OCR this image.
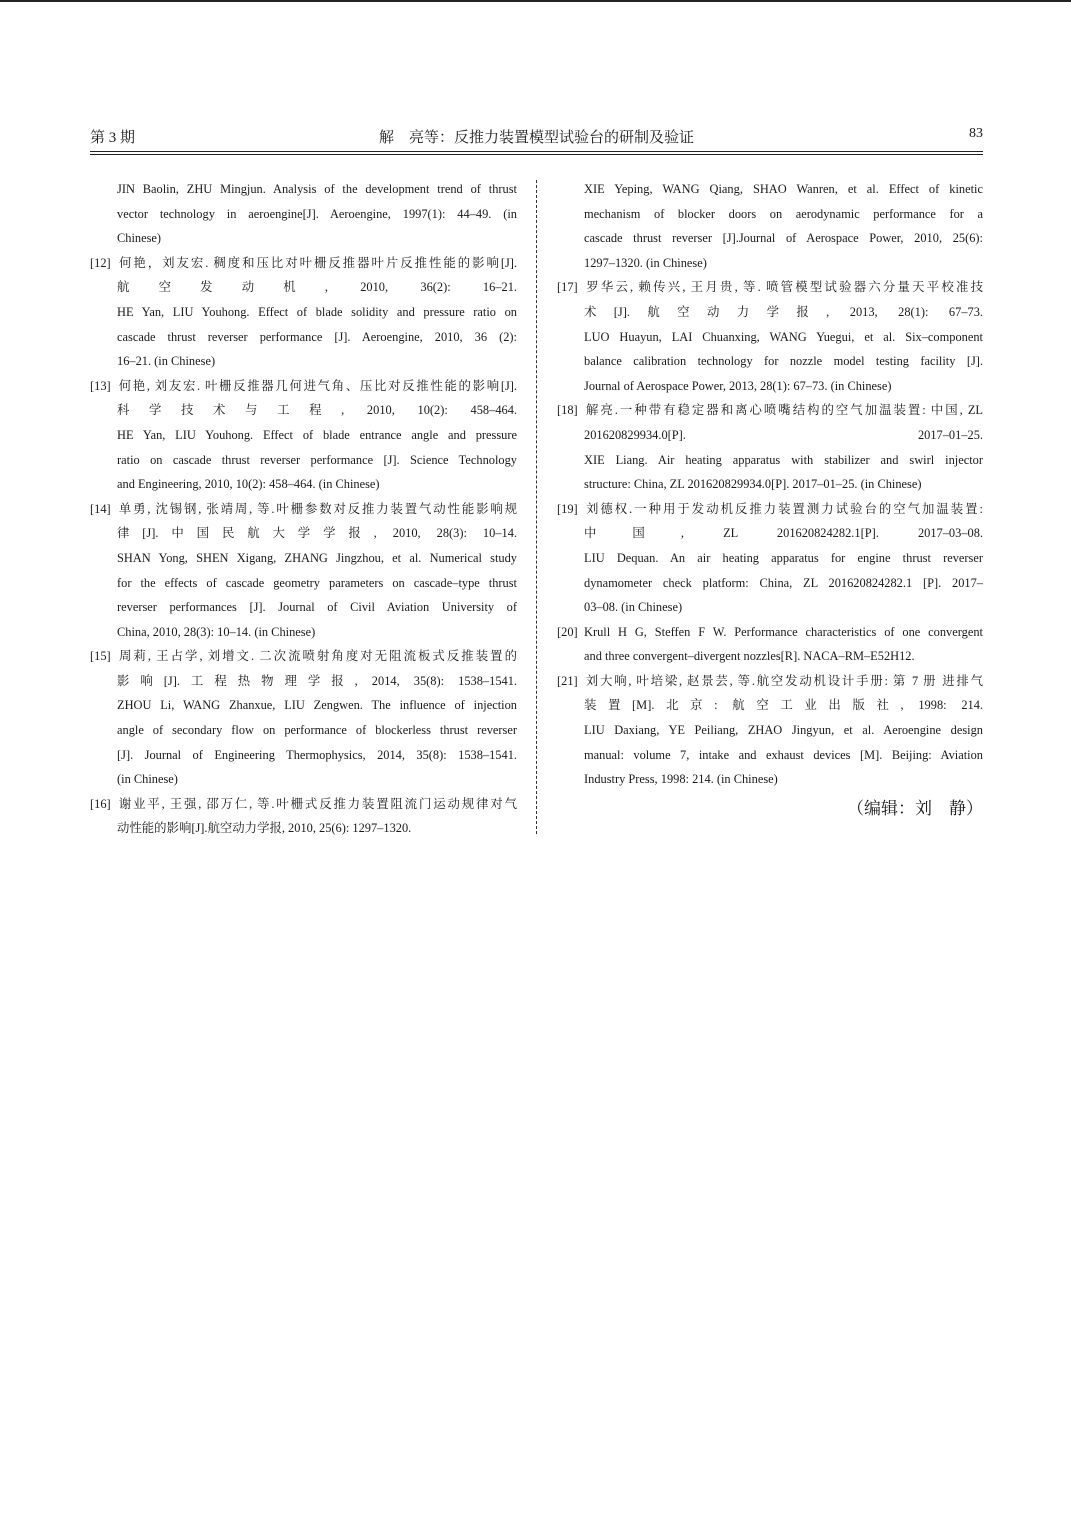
第 3 期	解　亮等：反推力装置模型试验台的研制及验证	83
JIN Baolin, ZHU Mingjun. Analysis of the development trend of thrust
vector technology in aeroengine[J]. Aeroengine, 1997(1): 44–49. (in
Chinese)
[12] 何艳，刘友宏. 稠度和压比对叶栅反推器叶片反推性能的影响[J].
航空发动机, 2010, 36(2): 16–21.
HE Yan, LIU Youhong. Effect of blade solidity and pressure ratio on
cascade thrust reverser performance [J]. Aeroengine, 2010, 36 (2):
16–21. (in Chinese)
[13] 何艳, 刘友宏. 叶栅反推器几何进气角、压比对反推性能的影响[J].
科学技术与工程, 2010, 10(2): 458–464.
HE Yan, LIU Youhong. Effect of blade entrance angle and pressure
ratio on cascade thrust reverser performance [J]. Science Technology
and Engineering, 2010, 10(2): 458–464. (in Chinese)
[14] 单勇, 沈锡钢, 张靖周, 等.叶栅参数对反推力装置气动性能影响规
律[J].中国民航大学学报, 2010, 28(3): 10–14.
SHAN Yong, SHEN Xigang, ZHANG Jingzhou, et al. Numerical study
for the effects of cascade geometry parameters on cascade–type thrust
reverser performances [J]. Journal of Civil Aviation University of
China, 2010, 28(3): 10–14. (in Chinese)
[15] 周莉, 王占学, 刘增文. 二次流喷射角度对无阻流板式反推装置的
影响[J].工程热物理学报, 2014, 35(8): 1538–1541.
ZHOU Li, WANG Zhanxue, LIU Zengwen. The influence of injection
angle of secondary flow on performance of blockerless thrust reverser
[J]. Journal of Engineering Thermophysics, 2014, 35(8): 1538–1541.
(in Chinese)
[16] 谢业平, 王强, 邵万仁, 等.叶栅式反推力装置阻流门运动规律对气
动性能的影响[J].航空动力学报, 2010, 25(6): 1297–1320.
XIE Yeping, WANG Qiang, SHAO Wanren, et al. Effect of kinetic
mechanism of blocker doors on aerodynamic performance for a
cascade thrust reverser [J].Journal of Aerospace Power, 2010, 25(6):
1297–1320. (in Chinese)
[17] 罗华云, 赖传兴, 王月贵, 等. 喷管模型试验器六分量天平校准技
术[J].航空动力学报, 2013, 28(1): 67–73.
LUO Huayun, LAI Chuanxing, WANG Yuegui, et al. Six–component
balance calibration technology for nozzle model testing facility [J].
Journal of Aerospace Power, 2013, 28(1): 67–73. (in Chinese)
[18] 解亮.一种带有稳定器和离心喷嘴结构的空气加温装置: 中国, ZL
201620829934.0[P]. 2017–01–25.
XIE Liang. Air heating apparatus with stabilizer and swirl injector
structure: China, ZL 201620829934.0[P]. 2017–01–25. (in Chinese)
[19] 刘德权.一种用于发动机反推力装置测力试验台的空气加温装置:
中国, ZL 201620824282.1[P]. 2017–03–08.
LIU Dequan. An air heating apparatus for engine thrust reverser
dynamometer check platform: China, ZL 201620824282.1 [P]. 2017–
03–08. (in Chinese)
[20] Krull H G, Steffen F W. Performance characteristics of one convergent
and three convergent–divergent nozzles[R]. NACA–RM–E52H12.
[21] 刘大响, 叶培梁, 赵景芸, 等.航空发动机设计手册: 第 7 册 进排气
装置[M].北京: 航空工业出版社, 1998: 214.
LIU Daxiang, YE Peiliang, ZHAO Jingyun, et al. Aeroengine design
manual: volume 7, intake and exhaust devices [M]. Beijing: Aviation
Industry Press, 1998: 214. (in Chinese)
（编辑：刘　静）
